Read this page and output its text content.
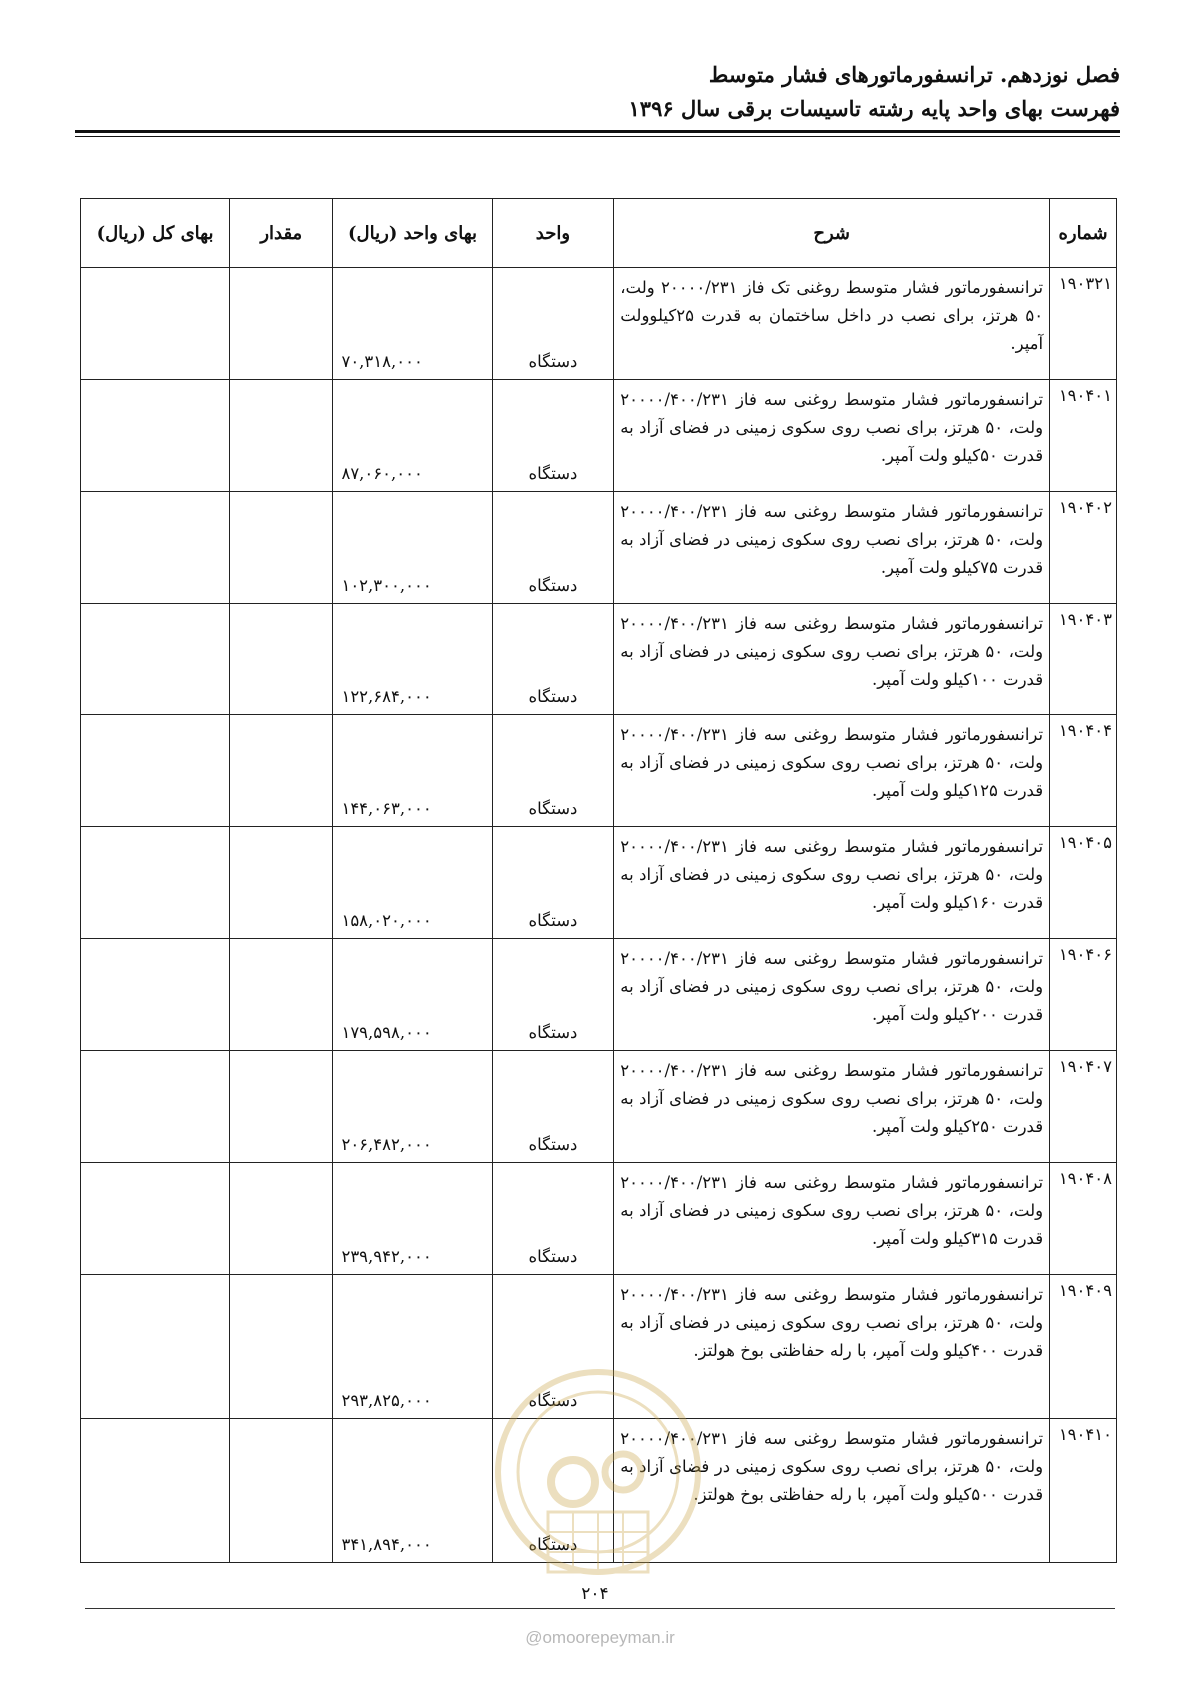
فصل نوزدهم. ترانسفورماتورهای فشار متوسط
فهرست بهای واحد پایه رشته تاسیسات برقی سال ۱۳۹۶
شماره	شرح	واحد	بهای واحد (ریال)	مقدار	بهای کل (ریال)
۱۹۰۳۲۱	ترانسفورماتور فشار متوسط روغنی تک فاز ۲۰۰۰۰/۲۳۱ ولت، ۵۰ هرتز، برای نصب در داخل ساختمان به قدرت ۲۵کیلوولت آمپر.	دستگاه	۷۰,۳۱۸,۰۰۰		
۱۹۰۴۰۱	ترانسفورماتور فشار متوسط روغنی سه فاز ۲۰۰۰۰/۴۰۰/۲۳۱ ولت، ۵۰ هرتز، برای نصب روی سکوی زمینی در فضای آزاد به قدرت ۵۰کیلو ولت آمپر.	دستگاه	۸۷,۰۶۰,۰۰۰		
۱۹۰۴۰۲	ترانسفورماتور فشار متوسط روغنی سه فاز ۲۰۰۰۰/۴۰۰/۲۳۱ ولت، ۵۰ هرتز، برای نصب روی سکوی زمینی در فضای آزاد به قدرت ۷۵کیلو ولت آمپر.	دستگاه	۱۰۲,۳۰۰,۰۰۰		
۱۹۰۴۰۳	ترانسفورماتور فشار متوسط روغنی سه فاز ۲۰۰۰۰/۴۰۰/۲۳۱ ولت، ۵۰ هرتز، برای نصب روی سکوی زمینی در فضای آزاد به قدرت ۱۰۰کیلو ولت آمپر.	دستگاه	۱۲۲,۶۸۴,۰۰۰		
۱۹۰۴۰۴	ترانسفورماتور فشار متوسط روغنی سه فاز ۲۰۰۰۰/۴۰۰/۲۳۱ ولت، ۵۰ هرتز، برای نصب روی سکوی زمینی در فضای آزاد به قدرت ۱۲۵کیلو ولت آمپر.	دستگاه	۱۴۴,۰۶۳,۰۰۰		
۱۹۰۴۰۵	ترانسفورماتور فشار متوسط روغنی سه فاز ۲۰۰۰۰/۴۰۰/۲۳۱ ولت، ۵۰ هرتز، برای نصب روی سکوی زمینی در فضای آزاد به قدرت ۱۶۰کیلو ولت آمپر.	دستگاه	۱۵۸,۰۲۰,۰۰۰		
۱۹۰۴۰۶	ترانسفورماتور فشار متوسط روغنی سه فاز ۲۰۰۰۰/۴۰۰/۲۳۱ ولت، ۵۰ هرتز، برای نصب روی سکوی زمینی در فضای آزاد به قدرت ۲۰۰کیلو ولت آمپر.	دستگاه	۱۷۹,۵۹۸,۰۰۰		
۱۹۰۴۰۷	ترانسفورماتور فشار متوسط روغنی سه فاز ۲۰۰۰۰/۴۰۰/۲۳۱ ولت، ۵۰ هرتز، برای نصب روی سکوی زمینی در فضای آزاد به قدرت ۲۵۰کیلو ولت آمپر.	دستگاه	۲۰۶,۴۸۲,۰۰۰		
۱۹۰۴۰۸	ترانسفورماتور فشار متوسط روغنی سه فاز ۲۰۰۰۰/۴۰۰/۲۳۱ ولت، ۵۰ هرتز، برای نصب روی سکوی زمینی در فضای آزاد به قدرت ۳۱۵کیلو ولت آمپر.	دستگاه	۲۳۹,۹۴۲,۰۰۰		
۱۹۰۴۰۹	ترانسفورماتور فشار متوسط روغنی سه فاز ۲۰۰۰۰/۴۰۰/۲۳۱ ولت، ۵۰ هرتز، برای نصب روی سکوی زمینی در فضای آزاد به قدرت ۴۰۰کیلو ولت آمپر، با رله حفاظتی بوخ هولتز.	دستگاه	۲۹۳,۸۲۵,۰۰۰		
۱۹۰۴۱۰	ترانسفورماتور فشار متوسط روغنی سه فاز ۲۰۰۰۰/۴۰۰/۲۳۱ ولت، ۵۰ هرتز، برای نصب روی سکوی زمینی در فضای آزاد به قدرت ۵۰۰کیلو ولت آمپر، با رله حفاظتی بوخ هولتز.	دستگاه	۳۴۱,۸۹۴,۰۰۰		
۲۰۴
@omoorepeyman.ir
